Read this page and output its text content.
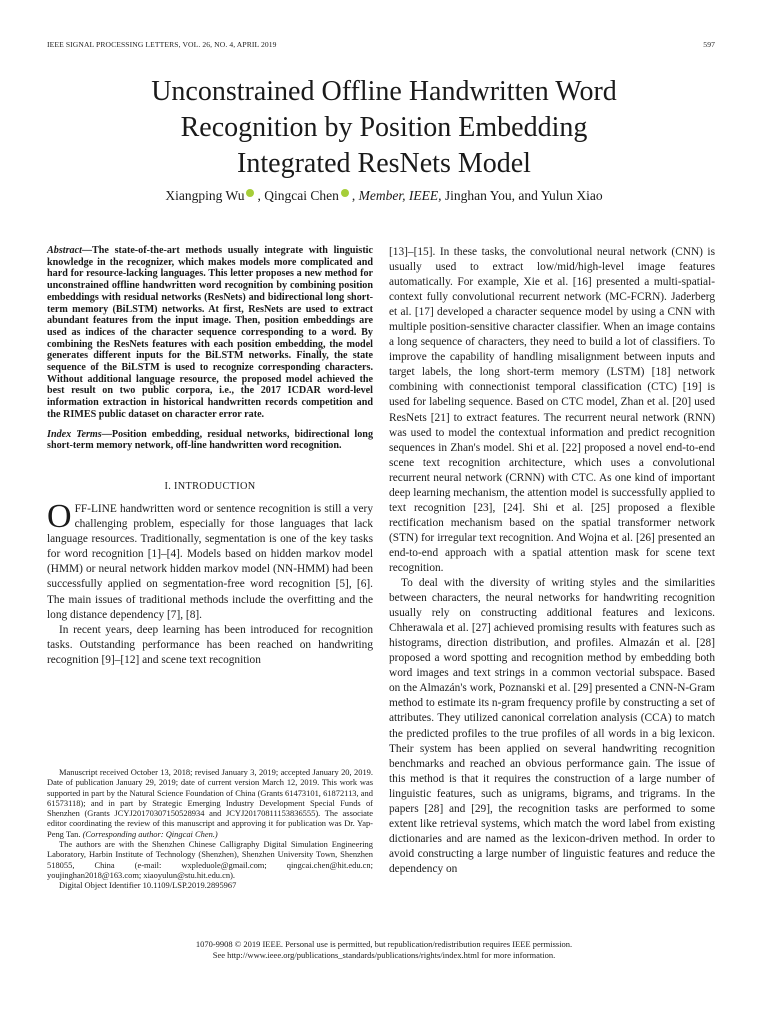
IEEE SIGNAL PROCESSING LETTERS, VOL. 26, NO. 4, APRIL 2019	597
Unconstrained Offline Handwritten Word
Recognition by Position Embedding
Integrated ResNets Model
Xiangping Wu , Qingcai Chen , Member, IEEE, Jinghan You, and Yulun Xiao

Abstract—The state-of-the-art methods usually integrate with linguistic knowledge in the recognizer, which makes models more complicated and hard for resource-lacking languages. This letter proposes a new method for unconstrained offline handwritten word recognition by combining position embeddings with residual networks (ResNets) and bidirectional long short-term memory (BiLSTM) networks. At first, ResNets are used to extract abundant features from the input image. Then, position embeddings are used as indices of the character sequence corresponding to a word. By combining the ResNets features with each position embedding, the model generates different inputs for the BiLSTM networks. Finally, the state sequence of the BiLSTM is used to recognize corresponding characters. Without additional language resource, the proposed model achieved the best result on two public corpora, i.e., the 2017 ICDAR word-level information extraction in historical handwritten records competition and the RIMES public dataset on character error rate.

Index Terms—Position embedding, residual networks, bidirectional long short-term memory network, off-line handwritten word recognition.

I. INTRODUCTION

OFF-LINE handwritten word or sentence recognition is still a very challenging problem, especially for those languages that lack language resources. Traditionally, segmentation is one of the key tasks for word recognition [1]–[4]. Models based on hidden markov model (HMM) or neural network hidden markov model (NN-HMM) had been successfully applied on segmentation-free word recognition [5], [6]. The main issues of traditional methods include the overfitting and the long distance dependency [7], [8].

In recent years, deep learning has been introduced for recognition tasks. Outstanding performance has been reached on handwriting recognition [9]–[12] and scene text recognition

Manuscript received October 13, 2018; revised January 3, 2019; accepted January 20, 2019. Date of publication January 29, 2019; date of current version March 12, 2019. This work was supported in part by the Natural Science Foundation of China (Grants 61473101, 61872113, and 61573118); and in part by Strategic Emerging Industry Development Special Funds of Shenzhen (Grants JCYJ20170307150528934 and JCYJ20170811153836555). The associate editor coordinating the review of this manuscript and approving it for publication was Dr. Yap-Peng Tan. (Corresponding author: Qingcai Chen.)

The authors are with the Shenzhen Chinese Calligraphy Digital Simulation Engineering Laboratory, Harbin Institute of Technology (Shenzhen), Shenzhen University Town, Shenzhen 518055, China (e-mail: wxpleduole@gmail.com; qingcai.chen@hit.edu.cn; youjinghan2018@163.com; xiaoyulun@stu.hit.edu.cn).

Digital Object Identifier 10.1109/LSP.2019.2895967

[13]–[15]. In these tasks, the convolutional neural network (CNN) is usually used to extract low/mid/high-level image features automatically. For example, Xie et al. [16] presented a multi-spatial-context fully convolutional recurrent network (MC-FCRN). Jaderberg et al. [17] developed a character sequence model by using a CNN with multiple position-sensitive character classifier. When an image contains a long sequence of characters, they need to build a lot of classifiers. To improve the capability of handling misalignment between inputs and target labels, the long short-term memory (LSTM) [18] network combining with connectionist temporal classification (CTC) [19] is used for labeling sequence. Based on CTC model, Zhan et al. [20] used ResNets [21] to extract features. The recurrent neural network (RNN) was used to model the contextual information and predict recognition sequences in Zhan's model. Shi et al. [22] proposed a novel end-to-end scene text recognition architecture, which uses a convolutional recurrent neural network (CRNN) with CTC. As one kind of important deep learning mechanism, the attention model is successfully applied to text recognition [23], [24]. Shi et al. [25] proposed a flexible rectification mechanism based on the spatial transformer network (STN) for irregular text recognition. And Wojna et al. [26] presented an end-to-end approach with a spatial attention mask for scene text recognition.

To deal with the diversity of writing styles and the similarities between characters, the neural networks for handwriting recognition usually rely on constructing additional features and lexicons. Chherawala et al. [27] achieved promising results with features such as histograms, direction distribution, and profiles. Almazán et al. [28] proposed a word spotting and recognition method by embedding both word images and text strings in a common vectorial subspace. Based on the Almazán's work, Poznanski et al. [29] presented a CNN-N-Gram method to estimate its n-gram frequency profile by constructing a set of attributes. They utilized canonical correlation analysis (CCA) to match the predicted profiles to the true profiles of all words in a big lexicon. Their system has been applied on several handwriting recognition benchmarks and reached an obvious performance gain. The issue of this method is that it requires the construction of a large number of linguistic features, such as unigrams, bigrams, and trigrams. In the papers [28] and [29], the recognition tasks are performed to some extent like retrieval systems, which match the word label from existing dictionaries and are named as the lexicon-driven method. In order to avoid constructing a large number of linguistic features and reduce the dependency on

1070-9908 © 2019 IEEE. Personal use is permitted, but republication/redistribution requires IEEE permission.
See http://www.ieee.org/publications_standards/publications/rights/index.html for more information.
